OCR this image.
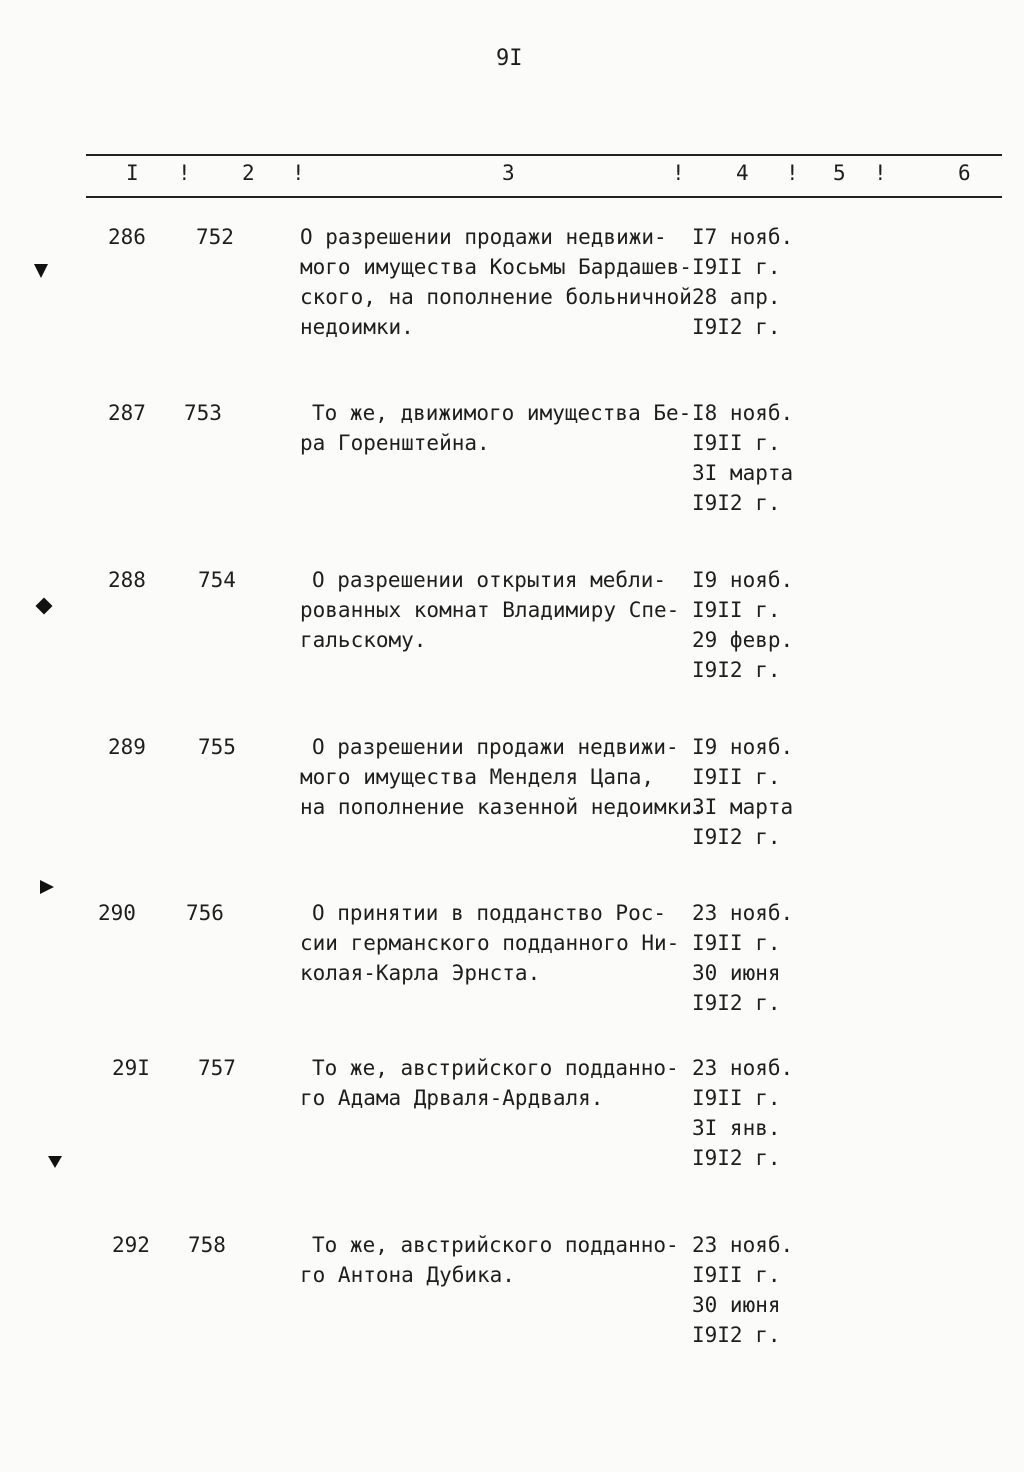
9I
I ! 2 !	3	! 4 ! 5 !	6
286	752	О разрешении продажи недвижи-
мого имущества Косьмы Бардашев-
ского, на пополнение больничной
недоимки.
I7 нояб.
I9II г.
28 апр.
I9I2 г.
287	753	То же, движимого имущества Бе-
ра Горенштейна.
I8 нояб.
I9II г.
3I марта
I9I2 г.
288	754	О разрешении открытия мебли-
рованных комнат Владимиру Спе-
гальскому.
I9 нояб.
I9II г.
29 февр.
I9I2 г.
289	755	О разрешении продажи недвижи-
мого имущества Менделя Цапа,
на пополнение казенной недоимки.
I9 нояб.
I9II г.
3I марта
I9I2 г.
290	756	О принятии в подданство Рос-
сии германского подданного Ни-
колая-Карла Эрнста.
23 нояб.
I9II г.
30 июня
I9I2 г.
29I	757	То же, австрийского подданно-
го Адама Дрваля-Ардваля.
23 нояб.
I9II г.
3I янв.
I9I2 г.
292	758	То же, австрийского подданно-
го Антона Дубика.
23 нояб.
I9II г.
30 июня
I9I2 г.
